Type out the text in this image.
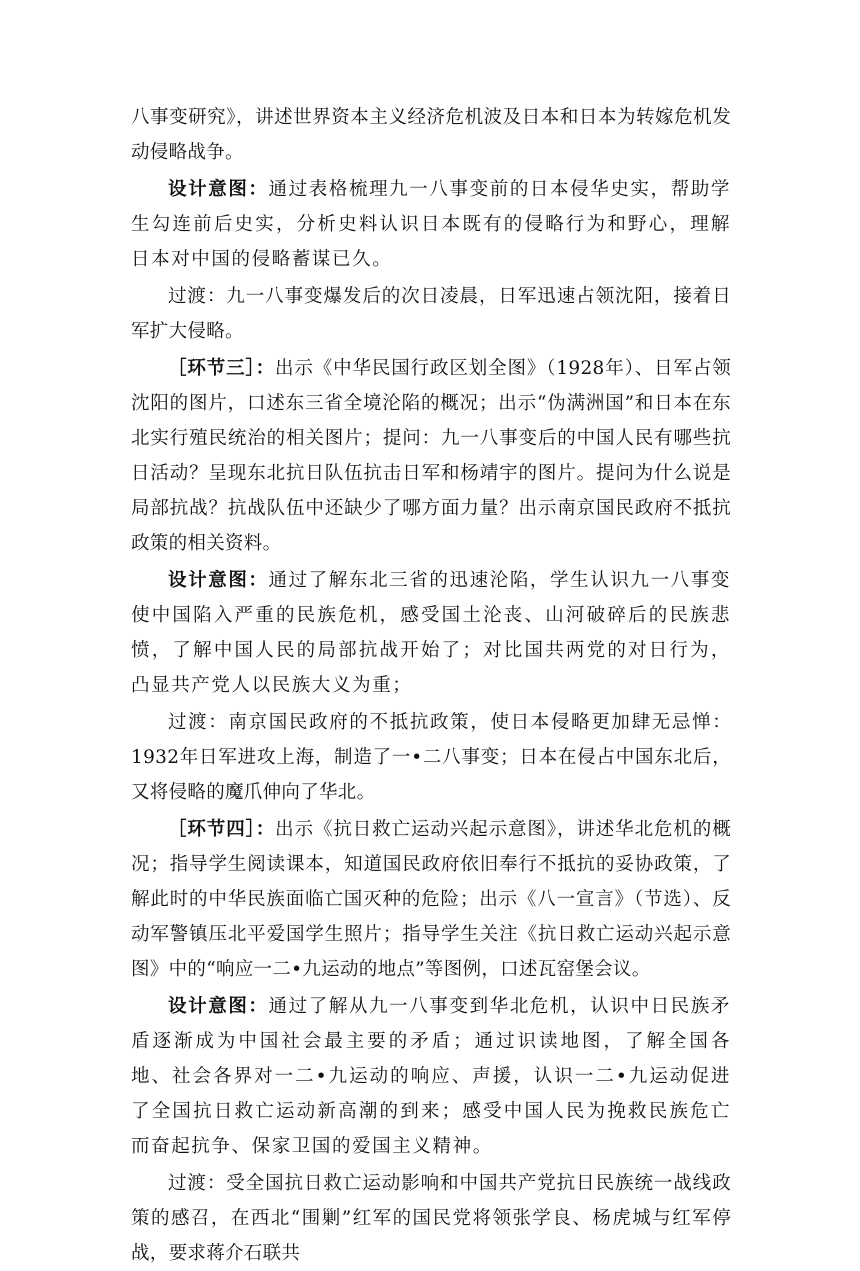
八事变研究》，讲述世界资本主义经济危机波及日本和日本为转嫁危机发动侵略战争。

设计意图：通过表格梳理九一八事变前的日本侵华史实，帮助学生勾连前后史实，分析史料认识日本既有的侵略行为和野心，理解日本对中国的侵略蓄谋已久。

过渡：九一八事变爆发后的次日凌晨，日军迅速占领沈阳，接着日军扩大侵略。

［环节三］：出示《中华民国行政区划全图》（1928年）、日军占领沈阳的图片，口述东三省全境沦陷的概况；出示“伪满洲国”和日本在东北实行殖民统治的相关图片；提问：九一八事变后的中国人民有哪些抗日活动？呈现东北抗日队伍抗击日军和杨靖宇的图片。提问为什么说是局部抗战？抗战队伍中还缺少了哪方面力量？出示南京国民政府不抵抗政策的相关资料。

设计意图：通过了解东北三省的迅速沦陷，学生认识九一八事变使中国陷入严重的民族危机，感受国土沦丧、山河破碎后的民族悲愤，了解中国人民的局部抗战开始了；对比国共两党的对日行为，凸显共产党人以民族大义为重；

过渡：南京国民政府的不抵抗政策，使日本侵略更加肆无忌惮：1932年日军进攻上海，制造了一•二八事变；日本在侵占中国东北后，又将侵略的魔爪伸向了华北。

［环节四］：出示《抗日救亡运动兴起示意图》，讲述华北危机的概况；指导学生阅读课本，知道国民政府依旧奉行不抵抗的妥协政策，了解此时的中华民族面临亡国灭种的危险；出示《八一宣言》（节选）、反动军警镇压北平爱国学生照片；指导学生关注《抗日救亡运动兴起示意图》中的“响应一二•九运动的地点”等图例，口述瓦窑堡会议。

设计意图：通过了解从九一八事变到华北危机，认识中日民族矛盾逐渐成为中国社会最主要的矛盾；通过识读地图，了解全国各地、社会各界对一二•九运动的响应、声援，认识一二•九运动促进了全国抗日救亡运动新高潮的到来；感受中国人民为挽救民族危亡而奋起抗争、保家卫国的爱国主义精神。

过渡：受全国抗日救亡运动影响和中国共产党抗日民族统一战线政策的感召，在西北“围剿”红军的国民党将领张学良、杨虎城与红军停战，要求蒋介石联共
